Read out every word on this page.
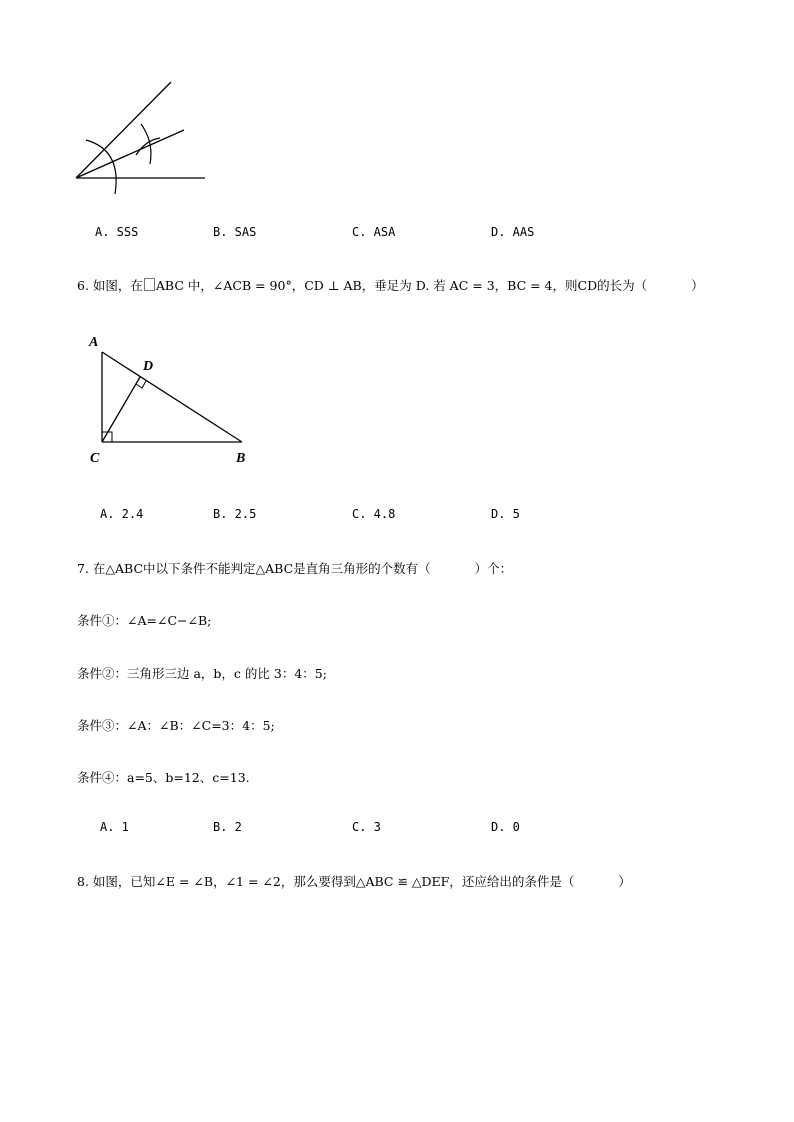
A. SSS	B. SAS	C. ASA	D. AAS
6. 如图，在 ABC 中，∠ACB = 90°，CD ⊥ AB，垂足为 D. 若 AC = 3，BC = 4，则CD的长为（	）
A
D
C	B
A. 2.4	B. 2.5	C. 4.8	D. 5
7. 在△ABC中以下条件不能判定△ABC是直角三角形的个数有（	）个：
条件①：∠A=∠C−∠B;
条件②：三角形三边 a，b，c 的比 3：4：5;
条件③：∠A：∠B：∠C=3：4：5;
条件④：a=5、b=12、c=13.
A. 1	B. 2	C. 3	D. 0
8. 如图，已知∠E = ∠B，∠1 = ∠2，那么要得到△ABC ≌ △DEF，还应给出的条件是（	）
